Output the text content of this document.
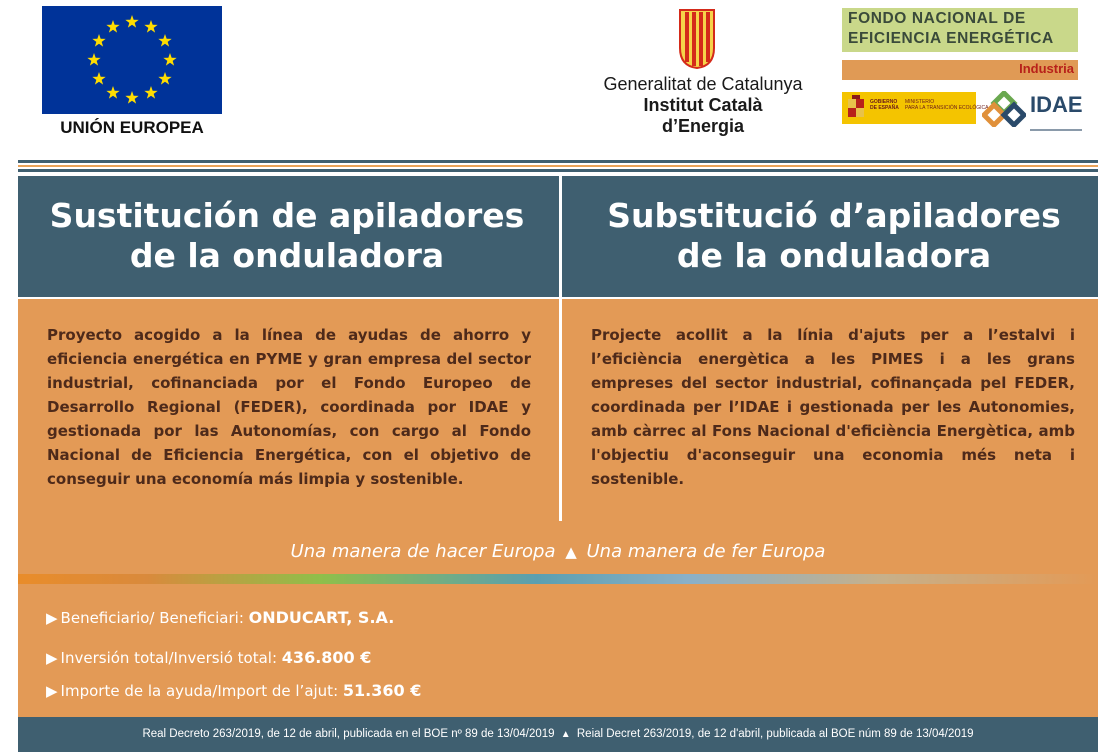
UNIÓN EUROPEA
Generalitat de Catalunya
Institut Català
d’Energia
FONDO NACIONAL DE
EFICIENCIA ENERGÉTICA
Industria
GOBIERNO
DE ESPAÑA
MINISTERIO
PARA LA TRANSICIÓN ECOLÓGICA IDAE
Sustitución de apiladores
de la onduladora
Substitució d’apiladores
de la onduladora
Proyecto acogido a la línea de ayudas de ahorro y eficiencia energética en PYME y gran empresa del sector industrial, cofinanciada por el Fondo Europeo de Desarrollo Regional (FEDER), coordinada por IDAE y gestionada por las Autonomías, con cargo al Fondo Nacional de Eficiencia Energética, con el objetivo de conseguir una economía más limpia y sostenible.
Projecte acollit a la línia d'ajuts per a l’estalvi i l’eficiència energètica a les PIMES i a les grans empreses del sector industrial, cofinançada pel FEDER, coordinada per l’IDAE i gestionada per les Autonomies, amb càrrec al Fons Nacional d'eficiència Energètica, amb l'objectiu d'aconseguir una economia més neta i sostenible.
Una manera de hacer Europa ▲ Una manera de fer Europa
▶ Beneficiario/ Beneficiari: ONDUCART, S.A.
▶ Inversión total/Inversió total: 436.800 €
▶ Importe de la ayuda/Import de l’ajut: 51.360 €
Real Decreto 263/2019, de 12 de abril, publicada en el BOE nº 89 de 13/04/2019 ▲ Reial Decret 263/2019, de 12 d'abril, publicada al BOE núm 89 de 13/04/2019
